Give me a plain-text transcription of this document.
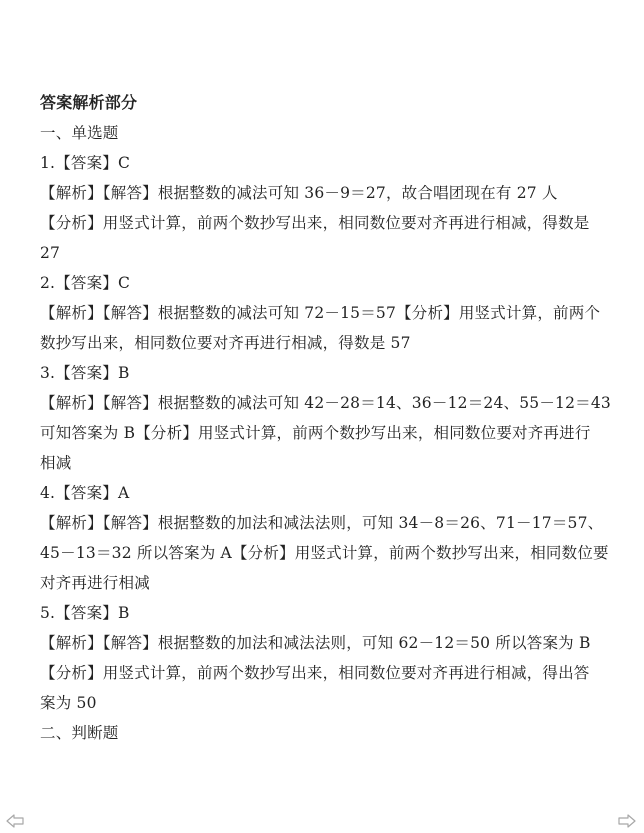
答案解析部分
一、单选题
1.【答案】C
【解析】【解答】根据整数的减法可知 36－9＝27，故合唱团现在有 27 人
【分析】用竖式计算，前两个数抄写出来，相同数位要对齐再进行相减，得数是
27
2.【答案】C
【解析】【解答】根据整数的减法可知 72－15＝57【分析】用竖式计算，前两个
数抄写出来，相同数位要对齐再进行相减，得数是 57
3.【答案】B
【解析】【解答】根据整数的减法可知 42－28＝14、36－12＝24、55－12＝43
可知答案为 B【分析】用竖式计算，前两个数抄写出来，相同数位要对齐再进行
相减
4.【答案】A
【解析】【解答】根据整数的加法和减法法则，可知 34－8＝26、71－17＝57、
45－13＝32 所以答案为 A【分析】用竖式计算，前两个数抄写出来，相同数位要
对齐再进行相减
5.【答案】B
【解析】【解答】根据整数的加法和减法法则，可知 62－12＝50 所以答案为 B
【分析】用竖式计算，前两个数抄写出来，相同数位要对齐再进行相减，得出答
案为 50
二、判断题
